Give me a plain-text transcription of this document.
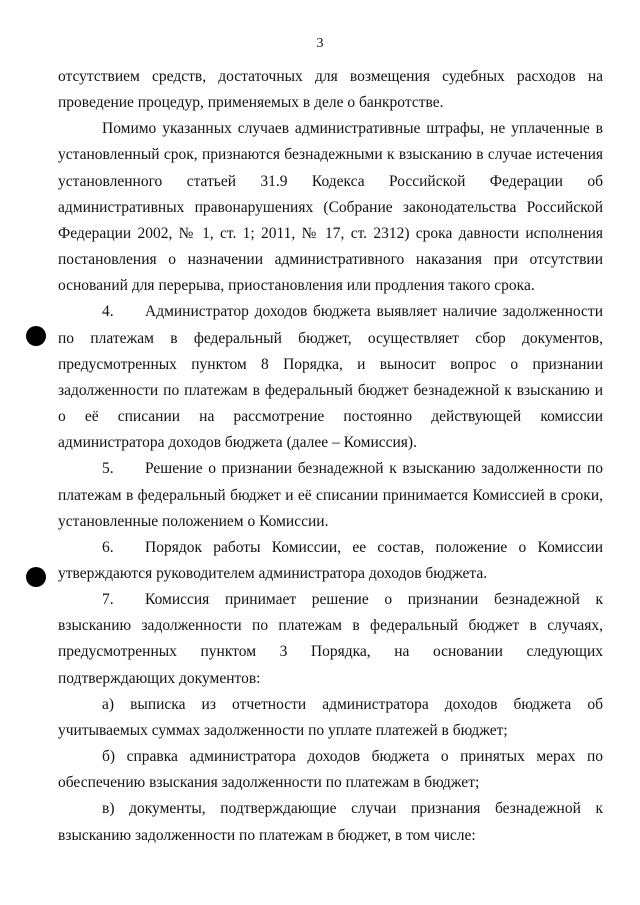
3

отсутствием средств, достаточных для возмещения судебных расходов на проведение процедур, применяемых в деле о банкротстве.

Помимо указанных случаев административные штрафы, не уплаченные в установленный срок, признаются безнадежными к взысканию в случае истечения установленного статьей 31.9 Кодекса Российской Федерации об административных правонарушениях (Собрание законодательства Российской Федерации 2002, № 1, ст. 1; 2011, № 17, ст. 2312) срока давности исполнения постановления о назначении административного наказания при отсутствии оснований для перерыва, приостановления или продления такого срока.

4. Администратор доходов бюджета выявляет наличие задолженности по платежам в федеральный бюджет, осуществляет сбор документов, предусмотренных пунктом 8 Порядка, и выносит вопрос о признании задолженности по платежам в федеральный бюджет безнадежной к взысканию и о её списании на рассмотрение постоянно действующей комиссии администратора доходов бюджета (далее – Комиссия).

5. Решение о признании безнадежной к взысканию задолженности по платежам в федеральный бюджет и её списании принимается Комиссией в сроки, установленные положением о Комиссии.

6. Порядок работы Комиссии, ее состав, положение о Комиссии утверждаются руководителем администратора доходов бюджета.

7. Комиссия принимает решение о признании безнадежной к взысканию задолженности по платежам в федеральный бюджет в случаях, предусмотренных пунктом 3 Порядка, на основании следующих подтверждающих документов:

а) выписка из отчетности администратора доходов бюджета об учитываемых суммах задолженности по уплате платежей в бюджет;

б) справка администратора доходов бюджета о принятых мерах по обеспечению взыскания задолженности по платежам в бюджет;

в) документы, подтверждающие случаи признания безнадежной к взысканию задолженности по платежам в бюджет, в том числе:
